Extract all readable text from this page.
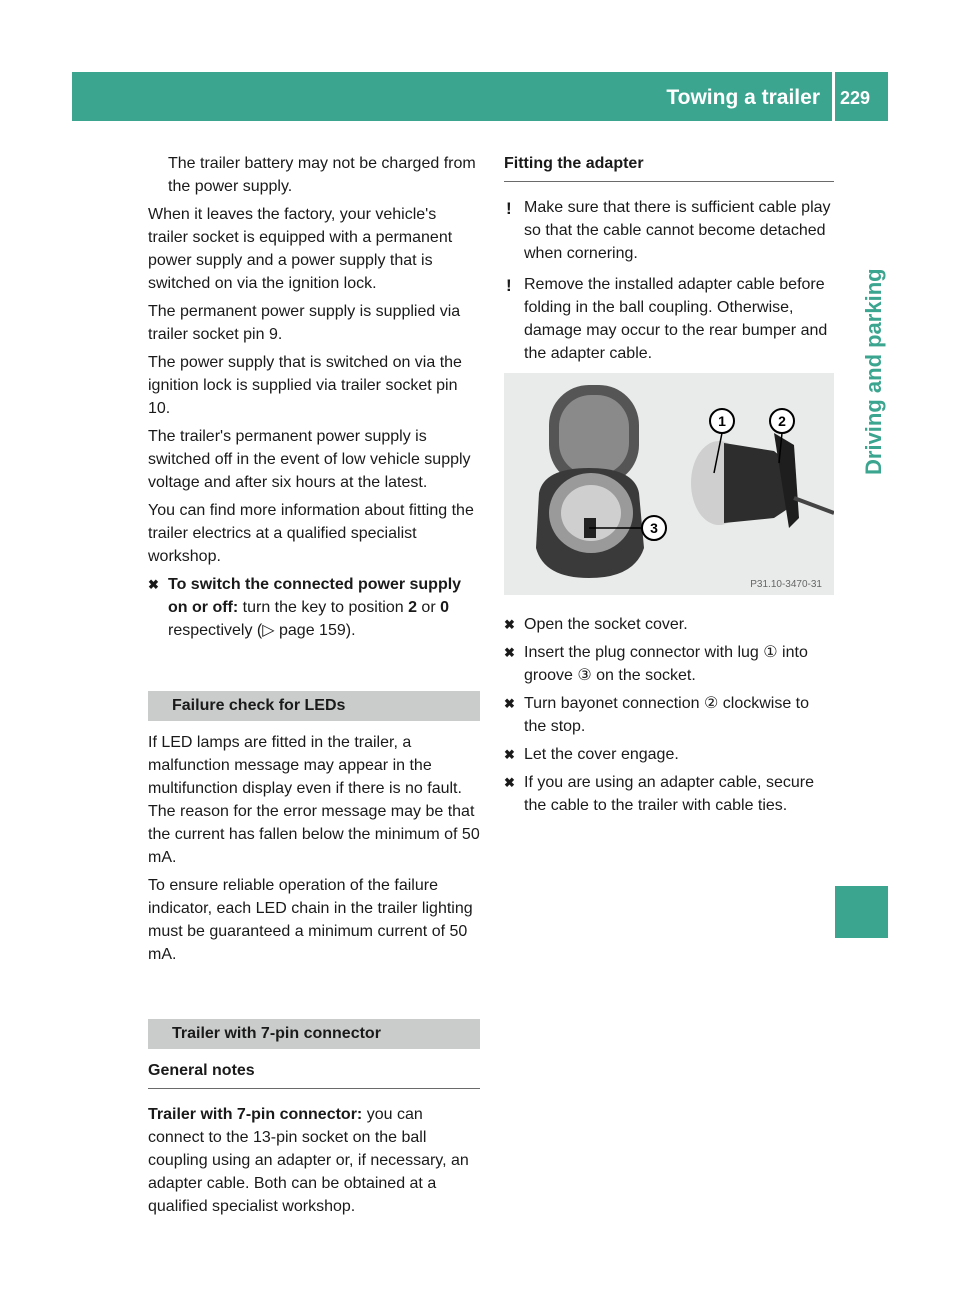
Towing a trailer 229
Driving and parking

The trailer battery may not be charged from the power supply.

When it leaves the factory, your vehicle's trailer socket is equipped with a permanent power supply and a power supply that is switched on via the ignition lock.

The permanent power supply is supplied via trailer socket pin 9.

The power supply that is switched on via the ignition lock is supplied via trailer socket pin 10.

The trailer's permanent power supply is switched off in the event of low vehicle supply voltage and after six hours at the latest.

You can find more information about fitting the trailer electrics at a qualified specialist workshop.

✖ To switch the connected power supply on or off: turn the key to position 2 or 0 respectively (▷ page 159).
Failure check for LEDs

If LED lamps are fitted in the trailer, a malfunction message may appear in the multifunction display even if there is no fault. The reason for the error message may be that the current has fallen below the minimum of 50 mA.

To ensure reliable operation of the failure indicator, each LED chain in the trailer lighting must be guaranteed a minimum current of 50 mA.

Trailer with 7-pin connector
General notes

Trailer with 7-pin connector: you can connect to the 13-pin socket on the ball coupling using an adapter or, if necessary, an adapter cable. Both can be obtained at a qualified specialist workshop.

Fitting the adapter
! Make sure that there is sufficient cable play so that the cable cannot become detached when cornering.
! Remove the installed adapter cable before folding in the ball coupling. Otherwise, damage may occur to the rear bumper and the adapter cable.
1	2
3
P31.10-3470-31
✖ Open the socket cover.
✖ Insert the plug connector with lug ① into groove ③ on the socket.
✖ Turn bayonet connection ② clockwise to the stop.
✖ Let the cover engage.
✖ If you are using an adapter cable, secure the cable to the trailer with cable ties.
